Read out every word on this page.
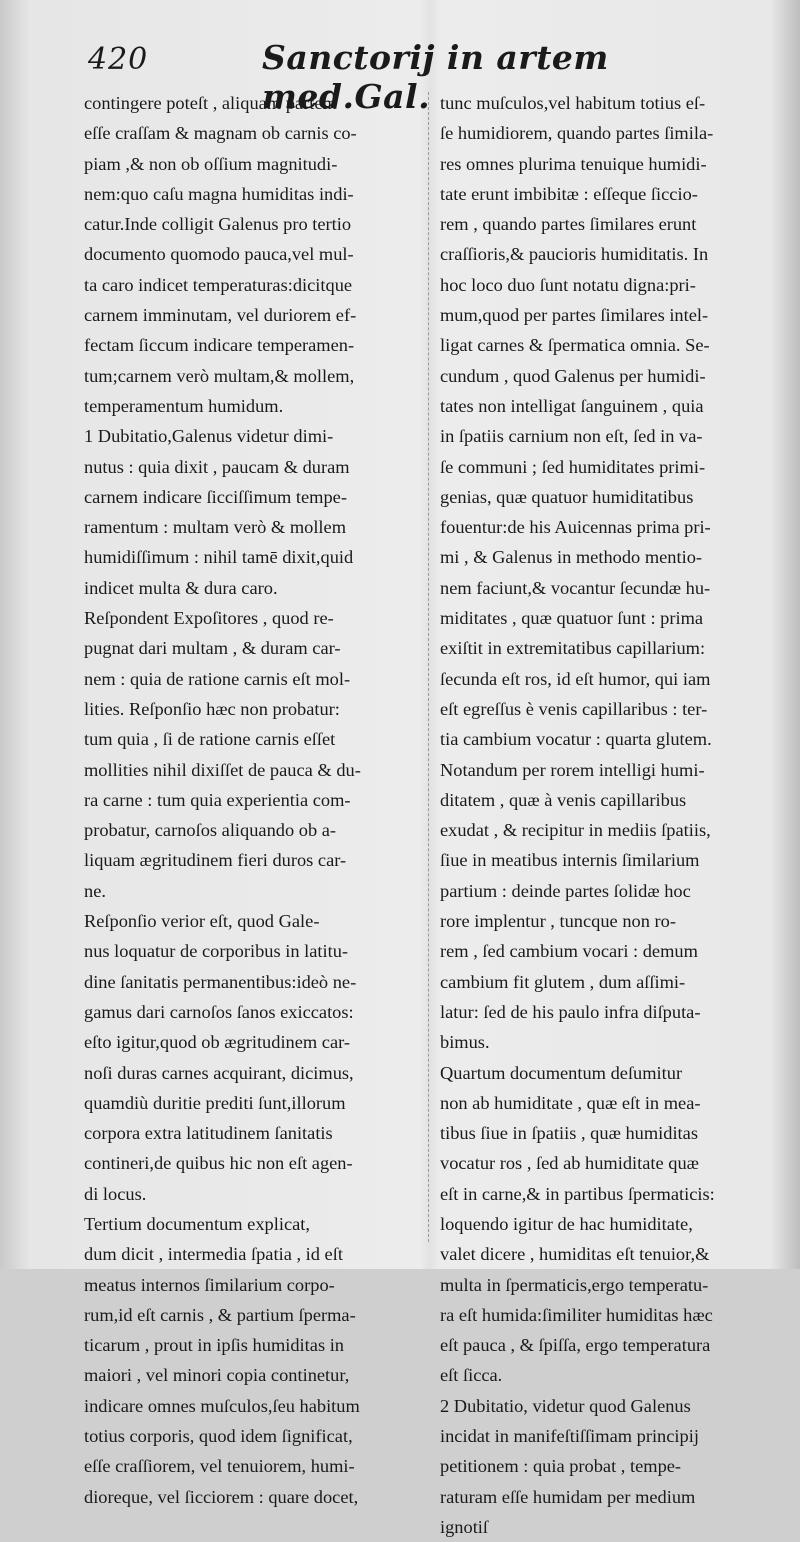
420	Sanctorij in artem med.Gal.
contingere poteſt , aliquam partem
eſſe craſſam & magnam ob carnis co-
piam ,& non ob oſſium magnitudi-
nem:quo caſu magna humiditas indi-
catur.Inde colligit Galenus pro tertio
documento quomodo pauca,vel mul-
ta caro indicet temperaturas:dicitque
carnem imminutam, vel duriorem ef-
fectam ſiccum indicare temperamen-
tum;carnem verò multam,& mollem,
temperamentum humidum.
1 Dubitatio,Galenus videtur dimi-
nutus : quia dixit , paucam & duram
carnem indicare ſicciſſimum tempe-
ramentum : multam verò & mollem
humidiſſimum : nihil tamē dixit,quid
indicet multa & dura caro.
Reſpondent Expoſitores , quod re-
pugnat dari multam , & duram car-
nem : quia de ratione carnis eſt mol-
lities. Reſponſio hæc non probatur:
tum quia , ſi de ratione carnis eſſet
mollities nihil dixiſſet de pauca & du-
ra carne : tum quia experientia com-
probatur, carnoſos aliquando ob a-
liquam ægritudinem fieri duros car-
ne.
Reſponſio verior eſt, quod Gale-
nus loquatur de corporibus in latitu-
dine ſanitatis permanentibus:ideò ne-
gamus dari carnoſos ſanos exiccatos:
eſto igitur,quod ob ægritudinem car-
noſi duras carnes acquirant, dicimus,
quamdiù duritie prediti ſunt,illorum
corpora extra latitudinem ſanitatis
contineri,de quibus hic non eſt agen-
di locus.
Tertium documentum explicat,
dum dicit , intermedia ſpatia , id eſt
meatus internos ſimilarium corpo-
rum,id eſt carnis , & partium ſperma-
ticarum , prout in ipſis humiditas in
maiori , vel minori copia continetur,
indicare omnes muſculos,ſeu habitum
totius corporis, quod idem ſignificat,
eſſe craſſiorem, vel tenuiorem, humi-
dioreque, vel ſicciorem : quare docet,
tunc muſculos,vel habitum totius eſ-
ſe humidiorem, quando partes ſimila-
res omnes plurima tenuique humidi-
tate erunt imbibitæ : eſſeque ſiccio-
rem , quando partes ſimilares erunt
craſſioris,& paucioris humiditatis. In
hoc loco duo ſunt notatu digna:pri-
mum,quod per partes ſimilares intel-
ligat carnes & ſpermatica omnia. Se-
cundum , quod Galenus per humidi-
tates non intelligat ſanguinem , quia
in ſpatiis carnium non eſt, ſed in va-
ſe communi ; ſed humiditates primi-
genias, quæ quatuor humiditatibus
fouentur:de his Auicennas prima pri-
mi , & Galenus in methodo mentio-
nem faciunt,& vocantur ſecundæ hu-
miditates , quæ quatuor ſunt : prima
exiſtit in extremitatibus capillarium:
ſecunda eſt ros, id eſt humor, qui iam
eſt egreſſus è venis capillaribus : ter-
tia cambium vocatur : quarta glutem.
Notandum per rorem intelligi humi-
ditatem , quæ à venis capillaribus
exudat , & recipitur in mediis ſpatiis,
ſiue in meatibus internis ſimilarium
partium : deinde partes ſolidæ hoc
rore implentur , tuncque non ro-
rem , ſed cambium vocari : demum
cambium fit glutem , dum aſſimi-
latur: ſed de his paulo infra diſputa-
bimus.
Quartum documentum deſumitur
non ab humiditate , quæ eſt in mea-
tibus ſiue in ſpatiis , quæ humiditas
vocatur ros , ſed ab humiditate quæ
eſt in carne,& in partibus ſpermaticis:
loquendo igitur de hac humiditate,
valet dicere , humiditas eſt tenuior,&
multa in ſpermaticis,ergo temperatu-
ra eſt humida:ſimiliter humiditas hæc
eſt pauca , & ſpiſſa, ergo temperatura
eſt ſicca.
2 Dubitatio, videtur quod Galenus
incidat in manifeſtiſſimam principij
petitionem : quia probat , tempe-
raturam eſſe humidam per medium
ignotiſ
